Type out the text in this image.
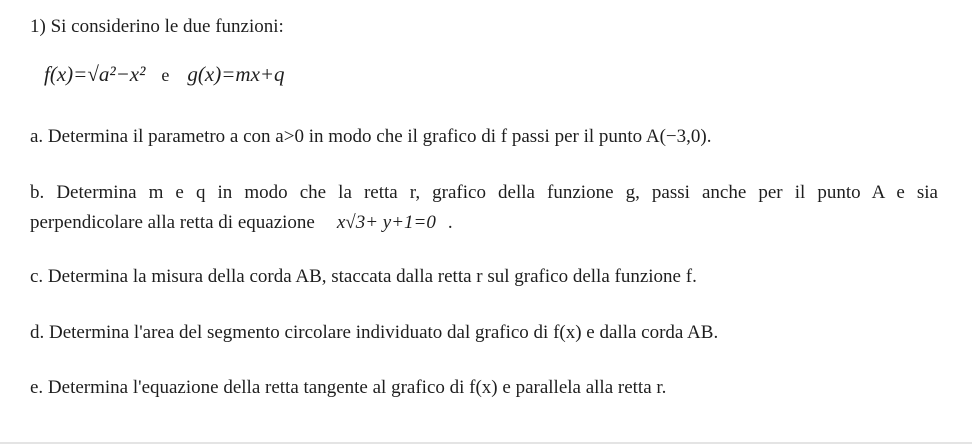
1) Si considerino le due funzioni:
f(x)=√a²−x² e g(x)=mx+q
a. Determina il parametro a con a>0 in modo che il grafico di f passi per il punto A(−3,0).
b. Determina m e q in modo che la retta r, grafico della funzione g, passi anche per il punto A e sia
perpendicolare alla retta di equazione x√3+ y+1=0 .
c. Determina la misura della corda AB, staccata dalla retta r sul grafico della funzione f.
d. Determina l'area del segmento circolare individuato dal grafico di f(x) e dalla corda AB.
e. Determina l'equazione della retta tangente al grafico di f(x) e parallela alla retta r.
